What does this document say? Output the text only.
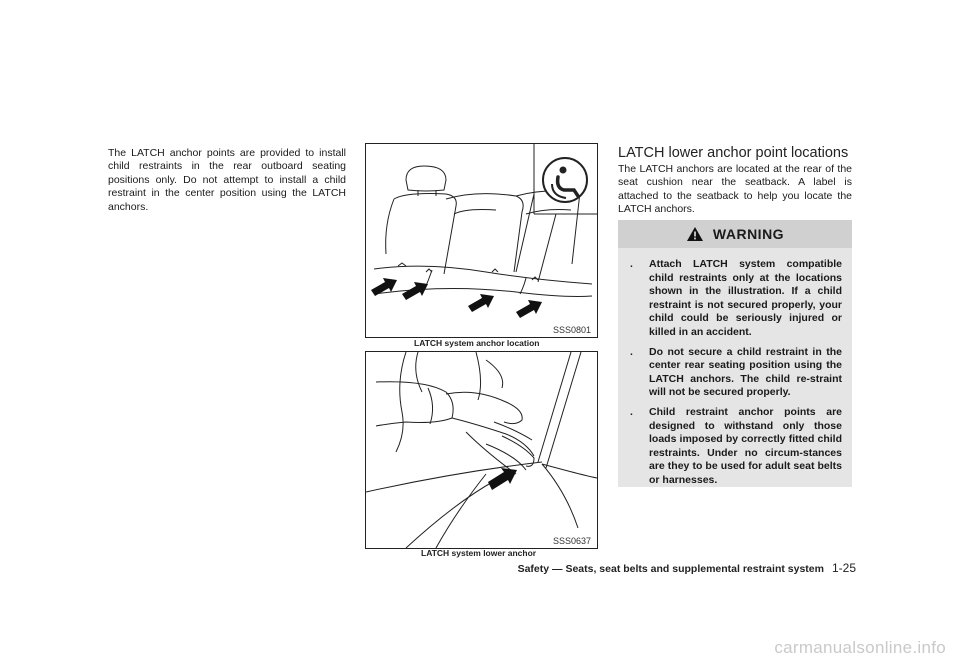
The LATCH anchor points are provided to install child restraints in the rear outboard seating positions only. Do not attempt to install a child restraint in the center position using the LATCH anchors.

SSS0801
LATCH system anchor location
SSS0637
LATCH system lower anchor
LATCH lower anchor point locations

The LATCH anchors are located at the rear of the seat cushion near the seatback. A label is attached to the seatback to help you locate the LATCH anchors.

WARNING
. Attach LATCH system compatible child restraints only at the locations shown in the illustration. If a child restraint is not secured properly, your child could be seriously injured or killed in an accident.
. Do not secure a child restraint in the center rear seating position using the LATCH anchors. The child re-straint will not be secured properly.
. Child restraint anchor points are designed to withstand only those loads imposed by correctly fitted child restraints. Under no circum-stances are they to be used for adult seat belts or harnesses.
Safety — Seats, seat belts and supplemental restraint system 1-25
carmanualsonline.info
